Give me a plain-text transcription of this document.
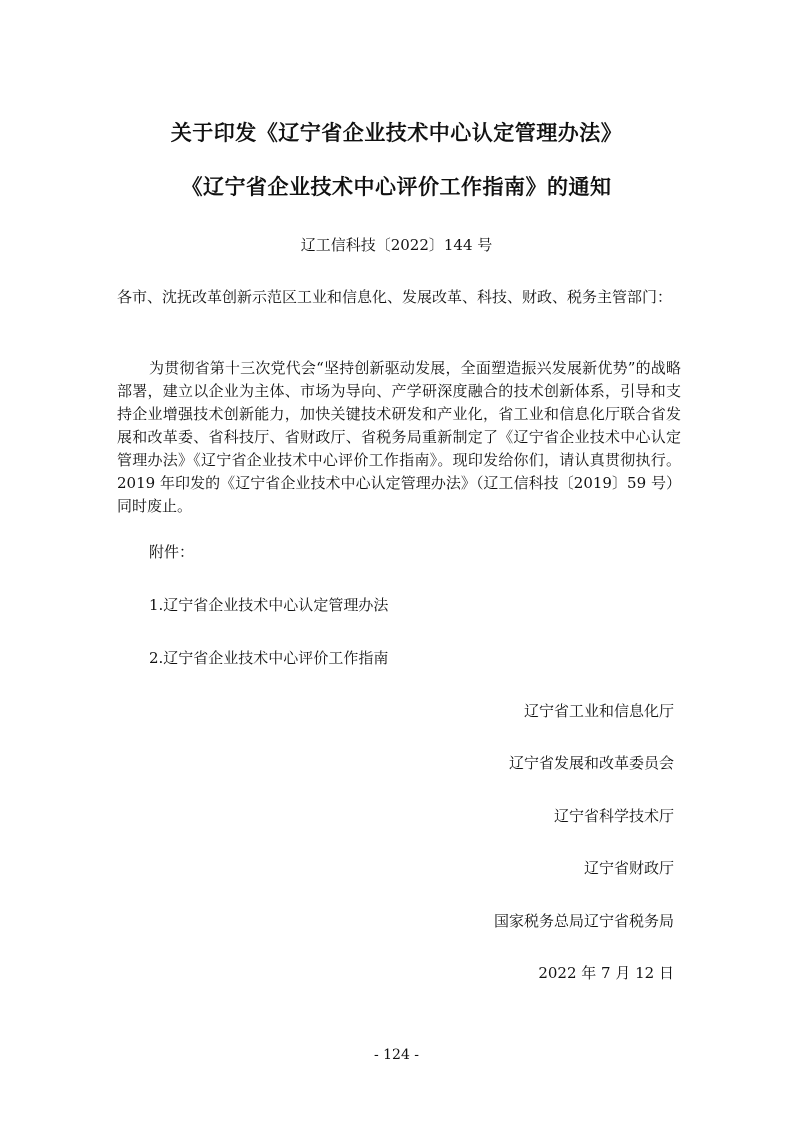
关于印发《辽宁省企业技术中心认定管理办法》
《辽宁省企业技术中心评价工作指南》的通知
辽工信科技〔2022〕144 号
各市、沈抚改革创新示范区工业和信息化、发展改革、科技、财政、税务主管部门：
为贯彻省第十三次党代会“坚持创新驱动发展，全面塑造振兴发展新优势”的战略部署，建立以企业为主体、市场为导向、产学研深度融合的技术创新体系，引导和支持企业增强技术创新能力，加快关键技术研发和产业化，省工业和信息化厅联合省发展和改革委、省科技厅、省财政厅、省税务局重新制定了《辽宁省企业技术中心认定管理办法》《辽宁省企业技术中心评价工作指南》。现印发给你们，请认真贯彻执行。2019 年印发的《辽宁省企业技术中心认定管理办法》（辽工信科技〔2019〕59 号）同时废止。
附件：
1.辽宁省企业技术中心认定管理办法
2.辽宁省企业技术中心评价工作指南
辽宁省工业和信息化厅
辽宁省发展和改革委员会
辽宁省科学技术厅
辽宁省财政厅
国家税务总局辽宁省税务局
2022 年 7 月 12 日
- 124 -
